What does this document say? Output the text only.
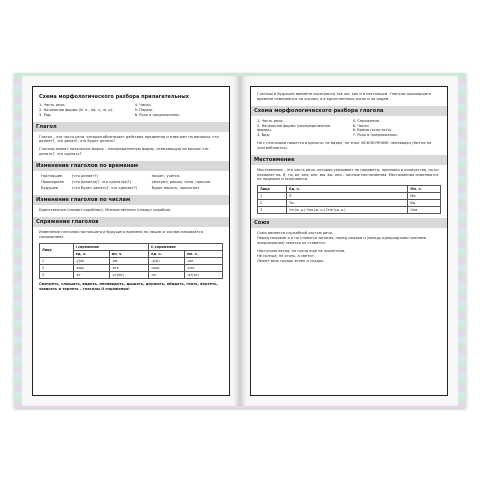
Схема морфологического разбора прилагательных
1. Часть речи.
2. Начальная форма (И. п., ед. ч., м. р).
3. Род.
4. Число.
5. Падеж.
6. Роль в предложении.
Глагол
Глагол – это часть речи, которая обозначает действия предметов и отвечает на вопросы: что делает?, что делал?, что будет делать?
Глаголы имеют начальную форму – неопределенную форму, отвечающую на вопрос что делать?, что сделать?
Изменение глаголов по временам
Настоящее	(что делает?)	пишет, учится.
Прошедшее	(что делал(а)?, что сделал(а)?)	смотрел, решал, села, пришла.
Будущее	(что будет делать?, что сделает?)	будет верить, прочитает.
Изменение глаголов по числам
Единственное (плывет кораблик). Множественное (плывут корабли).
Спряжение глаголов
Изменение глаголов настоящего и будущего времени по лицам и числам называется спряжением.
Лицо	I спряжение		II спряжение	
	ед. ч.	мн. ч.	ед. ч.	мн. ч.
1	-у(ю)	-ем	-у(ю)	-им
2	-ешь	-ете	-ишь	-ите
3	-ет	-ут(ют)	-ит	-ат(ят)
Смотреть, слышать, видеть, ненавидеть, дышать, держать, обидеть, гнать, вертеть, зависеть и терпеть – глаголы II спряжения!
Глаголы в будущем времени спрягаются так же, как и в настоящем. Глаголы прошедшего времени изменяются по числам, а в единственном числе и по родам.
Схема морфологического разбора глагола
1. Часть речи.
2. Начальная форма (неопределенная форма).
3. Вид.
5. Спряжение.
6. Число.
6. Время (если есть).
7. Роль в предложении.
Не с глаголами пишется отдельно: не видел, не знал. ИСКЛЮЧЕНИЕ: ненавидел (без не не употребляется).
Местоимение
Местоимение – это часть речи, которая указывает на предметы, признаки и количество, но не называет их. Я, ты, он, она, оно, мы, вы, они – личные местоимения. Местоимения изменяются по падежам и склоняются.
Лицо	Ед. ч.	Мн. ч.
1	Я	Мы
2	Ты	Вы
3	Он (м. р.) Она (ж. р.) Оно (ср. р.)	Они
Союз
Союз является служебной частью речи.
Перед союзами а и но ставится запятая, перед союзом и (между однородными членами предложения) запятая не ставится.
Наступила весна, но грачи еще не прилетели.
Не солнце, не огонь, а светит.
Лежит меж грядок зелен и сладок.
